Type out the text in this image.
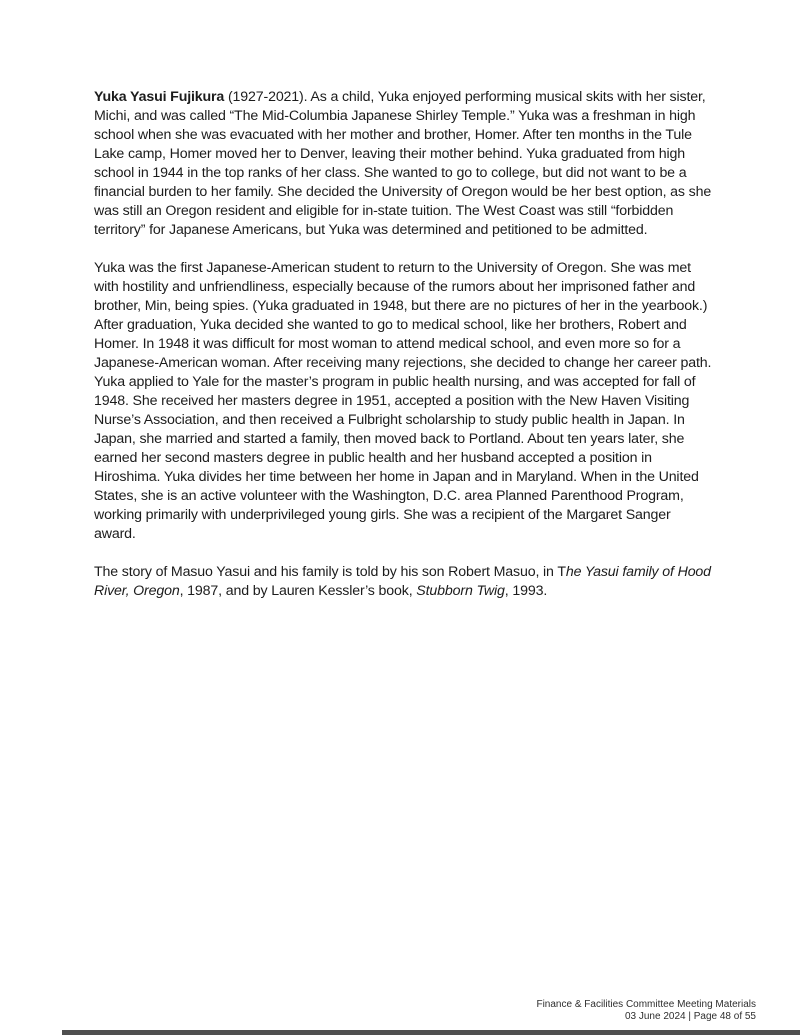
Yuka Yasui Fujikura (1927-2021). As a child, Yuka enjoyed performing musical skits with her sister, Michi, and was called “The Mid-Columbia Japanese Shirley Temple.” Yuka was a freshman in high school when she was evacuated with her mother and brother, Homer. After ten months in the Tule Lake camp, Homer moved her to Denver, leaving their mother behind. Yuka graduated from high school in 1944 in the top ranks of her class. She wanted to go to college, but did not want to be a financial burden to her family. She decided the University of Oregon would be her best option, as she was still an Oregon resident and eligible for in-state tuition. The West Coast was still “forbidden territory” for Japanese Americans, but Yuka was determined and petitioned to be admitted.

Yuka was the first Japanese-American student to return to the University of Oregon. She was met with hostility and unfriendliness, especially because of the rumors about her imprisoned father and brother, Min, being spies. (Yuka graduated in 1948, but there are no pictures of her in the yearbook.) After graduation, Yuka decided she wanted to go to medical school, like her brothers, Robert and Homer. In 1948 it was difficult for most woman to attend medical school, and even more so for a Japanese-American woman. After receiving many rejections, she decided to change her career path. Yuka applied to Yale for the master’s program in public health nursing, and was accepted for fall of 1948. She received her masters degree in 1951, accepted a position with the New Haven Visiting Nurse’s Association, and then received a Fulbright scholarship to study public health in Japan. In Japan, she married and started a family, then moved back to Portland. About ten years later, she earned her second masters degree in public health and her husband accepted a position in Hiroshima. Yuka divides her time between her home in Japan and in Maryland. When in the United States, she is an active volunteer with the Washington, D.C. area Planned Parenthood Program, working primarily with underprivileged young girls. She was a recipient of the Margaret Sanger award.

The story of Masuo Yasui and his family is told by his son Robert Masuo, in The Yasui family of Hood River, Oregon, 1987, and by Lauren Kessler’s book, Stubborn Twig, 1993.

Finance & Facilities Committee Meeting Materials
03 June 2024 | Page 48 of 55
